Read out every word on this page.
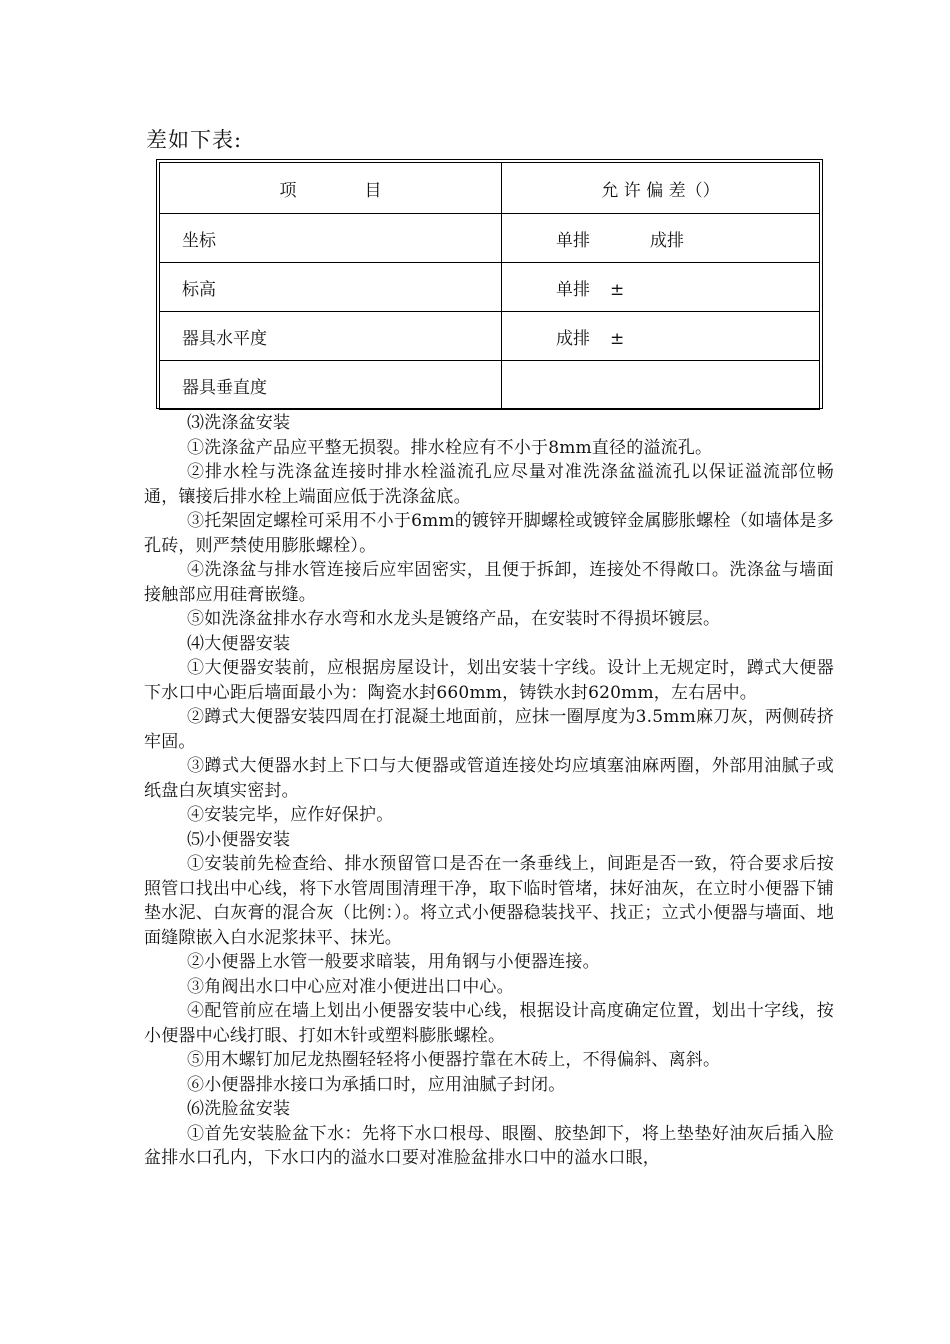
差如下表:
项　　　　目	允 许 偏 差（）
坐标	单排 成排
标高	单排 ±
器具水平度	成排 ±
器具垂直度	

⑶洗涤盆安装

①洗涤盆产品应平整无损裂。排水栓应有不小于8mm直径的溢流孔。

②排水栓与洗涤盆连接时排水栓溢流孔应尽量对准洗涤盆溢流孔以保证溢流部位畅通，镶接后排水栓上端面应低于洗涤盆底。

③托架固定螺栓可采用不小于6mm的镀锌开脚螺栓或镀锌金属膨胀螺栓（如墙体是多孔砖，则严禁使用膨胀螺栓）。

④洗涤盆与排水管连接后应牢固密实，且便于拆卸，连接处不得敞口。洗涤盆与墙面接触部应用硅膏嵌缝。

⑤如洗涤盆排水存水弯和水龙头是镀络产品，在安装时不得损坏镀层。

⑷大便器安装

①大便器安装前，应根据房屋设计，划出安装十字线。设计上无规定时，蹲式大便器下水口中心距后墙面最小为：陶瓷水封660mm，铸铁水封620mm，左右居中。

②蹲式大便器安装四周在打混凝土地面前，应抹一圈厚度为3.5mm麻刀灰，两侧砖挤牢固。

③蹲式大便器水封上下口与大便器或管道连接处均应填塞油麻两圈，外部用油腻子或纸盘白灰填实密封。

④安装完毕，应作好保护。

⑸小便器安装

①安装前先检查给、排水预留管口是否在一条垂线上，间距是否一致，符合要求后按照管口找出中心线，将下水管周围清理干净，取下临时管堵，抹好油灰，在立时小便器下铺垫水泥、白灰膏的混合灰（比例：）。将立式小便器稳装找平、找正；立式小便器与墙面、地面缝隙嵌入白水泥浆抹平、抹光。

②小便器上水管一般要求暗装，用角钢与小便器连接。

③角阀出水口中心应对准小便进出口中心。

④配管前应在墙上划出小便器安装中心线，根据设计高度确定位置，划出十字线，按小便器中心线打眼、打如木针或塑料膨胀螺栓。

⑤用木螺钉加尼龙热圈轻轻将小便器拧靠在木砖上，不得偏斜、离斜。

⑥小便器排水接口为承插口时，应用油腻子封闭。

⑹洗脸盆安装

①首先安装脸盆下水：先将下水口根母、眼圈、胶垫卸下，将上垫垫好油灰后插入脸盆排水口孔内，下水口内的溢水口要对准脸盆排水口中的溢水口眼，
